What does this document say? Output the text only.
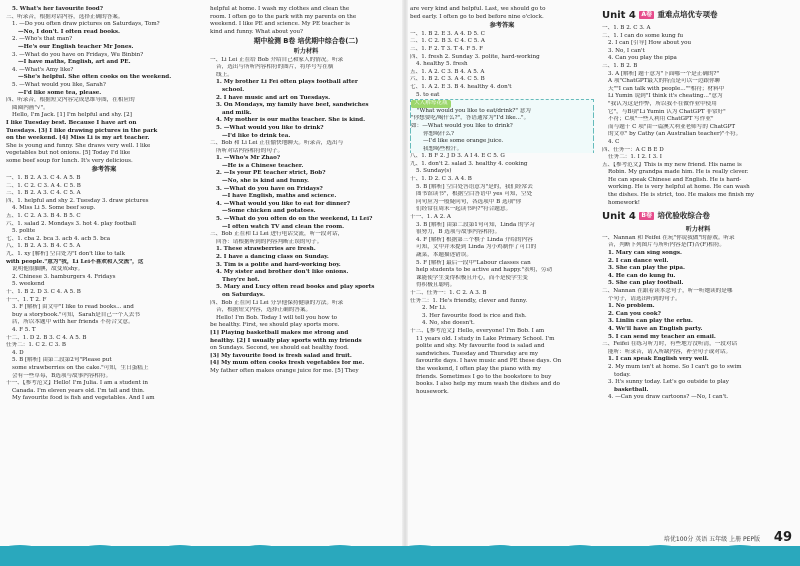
5. What's her favourite food?
三、听录音，根据对话内容，选择正确的答案。
1. —Do you often draw pictures on Saturdays, Tom?
—No, I don't. I often read books.
2. —Who's that man?
—He's our English teacher Mr Jones.
3. —What do you have on Fridays, Wu Binbin?
—I have maths, English, art and PE.
4. —What's Amy like?
—She's helpful. She often cooks on the weekend.
5. —What would you like, Sarah?
—I'd like some tea, please.
四、听录音，根据短文内容完成思维导图，在相应的
圆圈内画"√"。
Hello, I'm Jack. [1] I'm helpful and shy. [2]
I like Tuesday best. Because I have art on
Tuesdays. [3] I like drawing pictures in the park
on the weekend. [4] Miss Li is my art teacher.
She is young and funny. She draws very well. I like
vegetables but not onions. [5] Today I'd like
some beef soup for lunch. It's very delicious.
参考答案
一、1. B 2. A 3. C 4. A 5. B
二、1. C 2. C 3. A 4. C 5. B
三、1. B 2. A 3. C 4. C 5. A
四、1. helpful and shy 2. Tuesday 3. draw pictures
4. Miss Li 5. Some beef soup.
五、1. C 2. A 3. B 4. B 5. C
六、1. salad 2. Mondays 3. hot 4. play football
5. polite
七、1. cba 2. bca 3. acb 4. acb 5. bca
八、1. B 2. A 3. B 4. C 5. A
九、1. xy [解析] 空白处为"I don't like to talk
with people."意为"我，Li Lei不喜欢和人交流"，这
说明他很腼腆，故变成shy。
2. Chinese 3. hamburgers 4. Fridays
5. weekend
十、1. B 2. D 3. C 4. A 5. B
十一、1. T 2. F
3. F [解析] 由文中"I like to read books... and
buy a storybook."可知，Sarah是自己一个人去书
店，所以本题中 with her friends 不符合文意。
4. F 5. T
十二、1. D 2. B 3. C 4. A 5. B
任务二：1. C 2. C 3. B
4. D
5. B [解析] 由第二段第2句"Please put
some strawberries on the cake."可知，生日蛋糕上
会有一些草莓，B选项与故事内容相符。
十一、【参考范文】Hello! I'm Julia. I am a student in
Canada. I'm eleven years old. I'm tall and thin.
My favourite food is fish and vegetables. And I am
helpful at home. I wash my clothes and clean the
room. I often go to the park with my parents on the
weekend. I like PE and science. My PE teacher is
kind and funny. What about you?
期中检测 B卷 培优期中综合卷(二)
听力材料
一、Li Lei 正在给 Bob 介绍自己和家人的情况。听录
音，选出与所听内容相符的图片，将序号写在横
线上。
1. My brother Li Fei often plays football after
school.
2. I have music and art on Tuesdays.
3. On Mondays, my family have beef, sandwiches
and milk.
4. My mother is our maths teacher. She is kind.
5. —What would you like to drink?
—I'd like to drink tea.
二、Bob 和 Li Lei 正在愉快地聊天。听录音，选出与
所听对话内容相符的句子。
1. —Who's Mr Zhao?
—He is a Chinese teacher.
2. —Is your PE teacher strict, Bob?
—No, she is kind and funny.
3. —What do you have on Fridays?
—I have English, maths and science.
4. —What would you like to eat for dinner?
—Some chicken and potatoes.
5. —What do you often do on the weekend, Li Lei?
—I often watch TV and clean the room.
三、Bob 正在和 Li Lei 进行电话交流，听一段对话，
回答：请根据听到的内容判断正误的句子。
1. These strawberries are fresh.
2. I have a dancing class on Sunday.
3. Tim is a polite and hard-working boy.
4. My sister and brother don't like onions.
They're hot.
5. Mary and Lucy often read books and play sports
on Saturdays.
四、Bob 正在向 Li Lei 分享他保持健康的方法。听录
音，根据短文内容，选择正确的答案。
Hello! I'm Bob. Today I will tell you how to
be healthy. First, we should play sports more.
[1] Playing basketball makes me strong and
healthy. [2] I usually play sports with my friends
on Sundays. Second, we should eat healthy food.
[3] My favourite food is fresh salad and fruit.
[4] My mum often cooks fresh vegetables for me.
My father often makes orange juice for me. [5] They
are very kind and helpful. Last, we should go to
bed early. I often go to bed before nine o'clock.
参考答案
一、1. B 2. E 3. A 4. D 5. C
二、1. C 2. B 3. C 4. C 5. A
三、1. F 2. T 3. T 4. F 5. F
四、1. fresh 2. Sunday 3. polite, hard-working
4. healthy 5. fresh
五、1. A 2. C 3. B 4. A 5. A
六、1. B 2. C 3. A 4. C 5. B
七、1. A 2. E 3. B 4. healthy 4. don't
5. to eat
大人解每花瓶
"What would you like to eat/drink?" 意为
"你想要吃/喝什么?"，答语通常为"I'd like..."。
如：—What would you like to drink?
你想喝什么?
—I'd like some orange juice.
我想喝些橙汁。
八、1. B F 2. J D 3. A I 4. E C 5. G
九、1. don't 2. salad 3. healthy 4. cooking
5. Sunday(s)
十、1. D 2. C 3. A 4. B
5. B [解析] 空白处答语意为"是的，我们经常去
图书馆读书"，根据空白答语中 yes 可知，空处
问句应为一般疑问句，各选项中 B 选项"你
们经常在周末一起读书吗?"符合题意。
十一、1. A 2. A
3. B [解析] 由第二段第1句可知，Linda 的学习
很努力，B 选项与故事内容相符。
4. F [解析] 根据第三个棋子 Linda 介绍的内容
可知，文中并未提到 Linda 为小鸡制作了可口的
蔬菜，本题描述错误。
5. F [解析] 最后一段中"Labour classes can
help students to be active and happy."表明，劳动
课能使学生变得积极且开心，而不是使学生变
得积极且聪明。
十二、任务一：1. C 2. A 3. B
任务二：1. He's friendly, clever and funny.
2. Mr Li.
3. Her favourite food is rice and fish.
4. No, she doesn't.
十三、【参考范文】Hello, everyone! I'm Bob. I am
11 years old. I study in Lake Primary School. I'm
polite and shy. My favourite food is salad and
sandwiches. Tuesday and Thursday are my
favourite days. I have music and PE these days. On
the weekend, I often play the piano with my
friends. Sometimes I go to the bookstore to buy
books. I also help my mum wash the dishes and do
housework.
Unit 4 A卷 重难点培优专项卷
一、1. B 2. C 3. A
二、1. I can do some kung fu
2. I can [引导] How about you
3. No, I can't
4. Can you play the pipa
三、1. B 2. B
3. A [解析] 题干意为"下面哪一个是正确的?"
A 项"ChatGPT最大的特点是可以一边跟你聊
天""I can talk with people...""相符；材料中
Li Yumin 说到"I think it's cheating..."意为
"我认为这是作弊，所以我不在做作业中使用
它"，与B项"Li Yumin 认为 ChatGPT 非常好"
不符；C项"一些人利用 ChatGPT 写作业"
而与题干 C 项"由一篇澳大利亚老师写的 ChatGPT
的文章" by Cathy (an Australian teacher)"不符。
4. C
四、任务一：A C B E D
任务二：1. I 2. I 3. I
五、【参考范文】This is my new friend. His name is
Robin. My grandpa made him. He is really clever.
He can speak Chinese and English. He is hard-
working. He is very helpful at home. He can wash
the dishes. He is strict, too. He makes me finish my
homework!
Unit 4 B卷 培优验收综合卷
听力材料
一、Nannan 和 Feifei 在玩"你说我做"的游戏。听录
音，判断下列图片与所听内容是(T)否(F)相符。
1. Mary can sing songs.
2. I can dance well.
3. She can play the pipa.
4. He can do kung fu.
5. She can play football.
二、Nannan 在跟着读本念句子，听一听她读的是哪
个句子，请选出听到的句子。
1. No problem.
2. Can you cook?
3. Linlin can play the erhu.
4. We'll have an English party.
5. I can send my teacher an email.
三、Feifei 在练习听力时，有些地方没听清，一段对话
能听：听录音，请入所缺内容，补全句子或对话。
1. I can speak English very well.
2. My mum isn't at home. So I can't go to swim
today.
3. It's sunny today. Let's go outside to play
basketball.
4. —Can you draw cartoons? —No, I can't.
培优100分 英语 五年级 上册 PEP版 49
